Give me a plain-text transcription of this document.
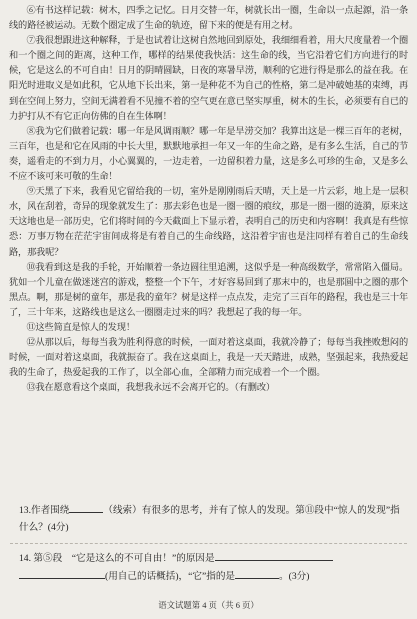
⑥有书这样记载：树木，四季之记忆。日月交替一年，树就长出一圈，生命以一点起源，沿一条线的路径被运动。无数个圈定成了生命的轨迹，留下来的便是有用之材。

⑦我很想跟进这种解释，于是也试着让这树自然地回到原处，我细细看着，用大尺度量着一个圈和一个圈之间的距离，这种工作，哪样的结果使我快活：这生命的线，当它沿着它们方向进行的时候，它是这么的不可自由！日月的阴晴圆缺，日夜的寒暑早涝，顺利的它进行得是那么的益在我。在阳光时进取义是如此积，它从地下长出来，第一是种花不为自己的性格，第二是冲破她基的束缚，再到在空间上努力，空间无满着看不见撞不着的空气更在意已坚实厚重，树木的生长，必须要有自已的力护打从不有它正向仿佛的自在生体啊！

⑧我为它们做着记载：哪一年是风调雨顺？哪一年是旱涝交加？我算出这是一棵三百年的老树，三百年，也是和它在风雨的中长大里，默默地承担一年又一年的生命之路，是有多么生活，自己的节奏，遥看走的不到力月，小心翼翼的，一边走着，一边留积着力量，这是多么可珍的生命，又是多么不应不该可来可敬的生命！

⑨天黑了下来，我看见它留给我的一切，室外是刚刚雨后天晴，天上是一片云彩，地上是一层积水，风在刮着，奇异的现象就发生了：那去彩色也是一圈一圈的痕纹，那是一圈一圈的涟漪，原来这天这地也是一部历史，它们将时间的今天截面上下显示着，表明自己的历史和内容啊！我真是有些惊恐：万事万物在茫茫宇宙间成将是有着自己的生命线路，这沿着宇宙也是注同样有着自己的生命线路，那我呢？

⑩我看到这是我的手轮，开始顺着一条边圆往里追溯，这似乎是一种高级数学，常常陷入僵局。犹如一个儿童在做迷迷宫的游戏，整整一个下午，才好容易回到了那末中的，也是那圆中之圈的那个黑点。啊，那是树的童年，那是我的童年？树是这样一点点发，走完了三百年的路程，我也是三十年了，三十年来，这路线也是这么一圈圈走过来的吗？我想起了我的每一年。

⑪这些简直是惊人的发现！

⑫从那以后，每每当我为胜利得意的时候，一面对着这桌面，我就冷静了；每每当我挫败想闷的时候，一面对着这桌面，我就振奋了。我在这桌面上，我是一天天踏进，成熟，坚强起来，我热爱起我的生命了，热爱起我的工作了，以全部心血，全部精力而完成着一个一个圈。

⑬我在愿意看这个桌面，我想我永远不会离开它的。（有删改）

13.作者围绕	（线索）有很多的思考，并有了惊人的发现。第⑪段中“惊人的发现”指什么？(4分)
14. 第⑤段　“它是这么的不可自由！”的原因是
(用自己的话概括)，“它”指的是	。(3分)
语文试题第 4 页（共 6 页）
